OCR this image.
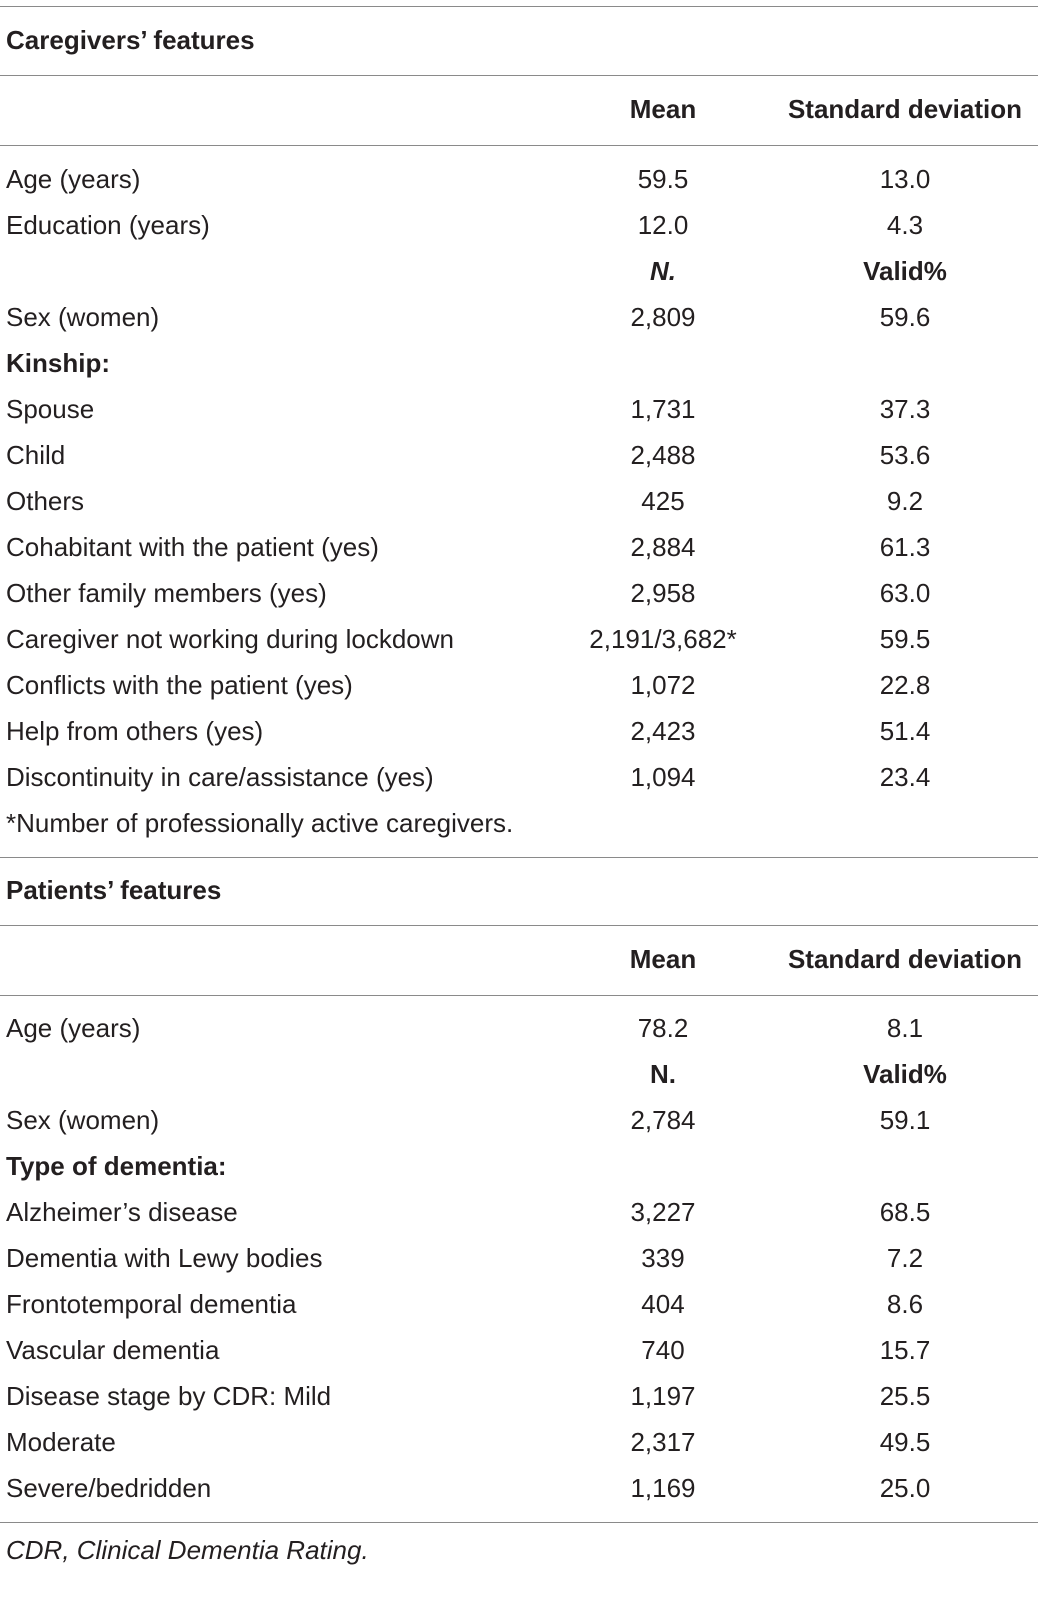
Caregivers’ features
Mean	Standard deviation
Age (years)	59.5	13.0
Education (years)	12.0	4.3
N.	Valid%
Sex (women)	2,809	59.6
Kinship:
Spouse	1,731	37.3
Child	2,488	53.6
Others	425	9.2
Cohabitant with the patient (yes)	2,884	61.3
Other family members (yes)	2,958	63.0
Caregiver not working during lockdown	2,191/3,682*	59.5
Conflicts with the patient (yes)	1,072	22.8
Help from others (yes)	2,423	51.4
Discontinuity in care/assistance (yes)	1,094	23.4
*Number of professionally active caregivers.
Patients’ features
Mean	Standard deviation
Age (years)	78.2	8.1
N.	Valid%
Sex (women)	2,784	59.1
Type of dementia:
Alzheimer’s disease	3,227	68.5
Dementia with Lewy bodies	339	7.2
Frontotemporal dementia	404	8.6
Vascular dementia	740	15.7
Disease stage by CDR: Mild	1,197	25.5
Moderate	2,317	49.5
Severe/bedridden	1,169	25.0
CDR, Clinical Dementia Rating.
